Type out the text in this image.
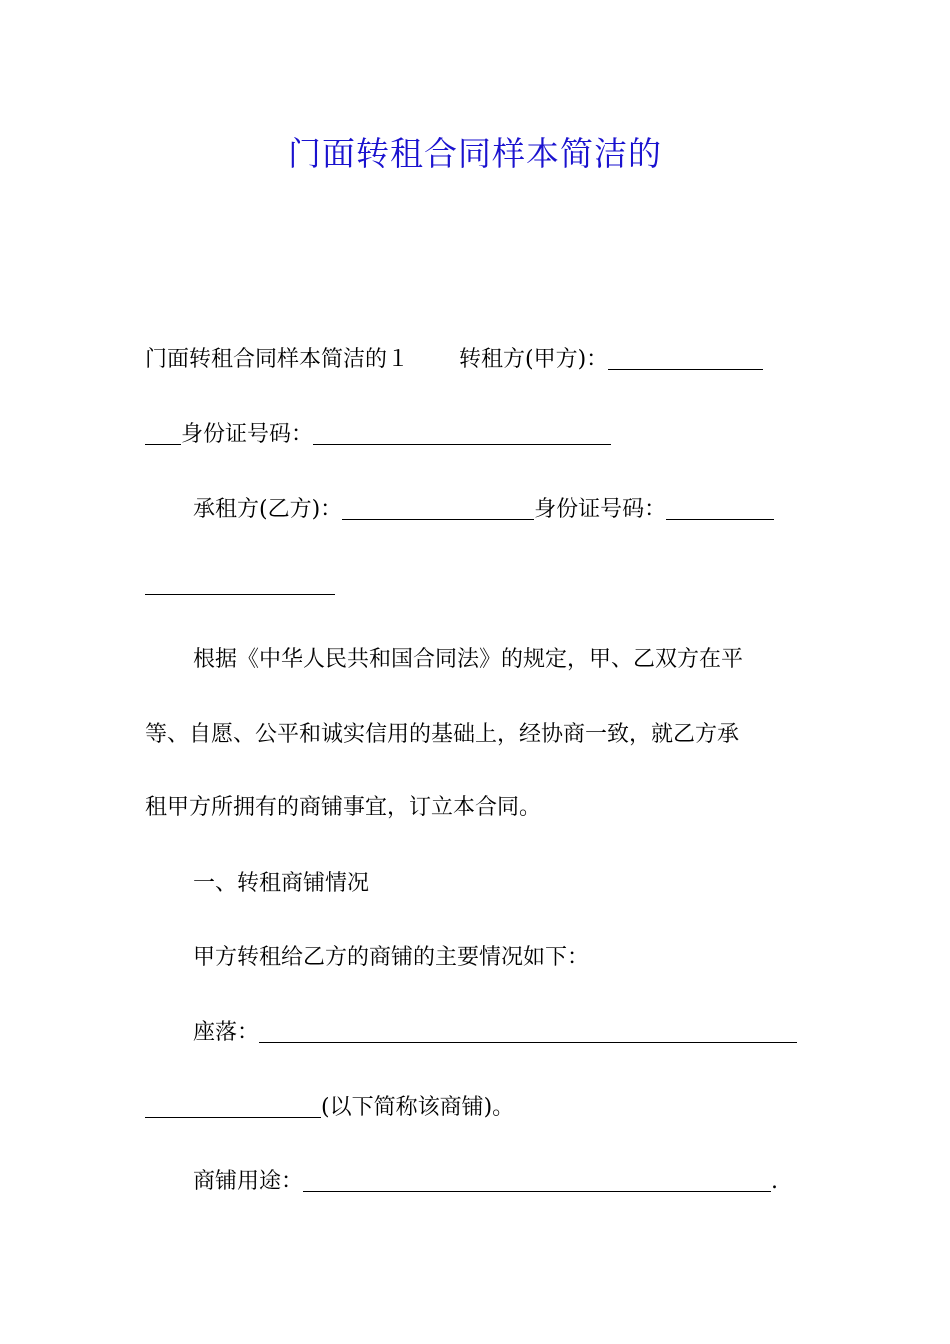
门面转租合同样本简洁的
门面转租合同样本简洁的１ 转租方(甲方)：
身份证号码：
承租方(乙方)：	身份证号码：
根据《中华人民共和国合同法》的规定，甲、乙双方在平
等、自愿、公平和诚实信用的基础上，经协商一致，就乙方承
租甲方所拥有的商铺事宜，订立本合同。
一、转租商铺情况
甲方转租给乙方的商铺的主要情况如下：
座落：
(以下简称该商铺)。
商铺用途：	.
